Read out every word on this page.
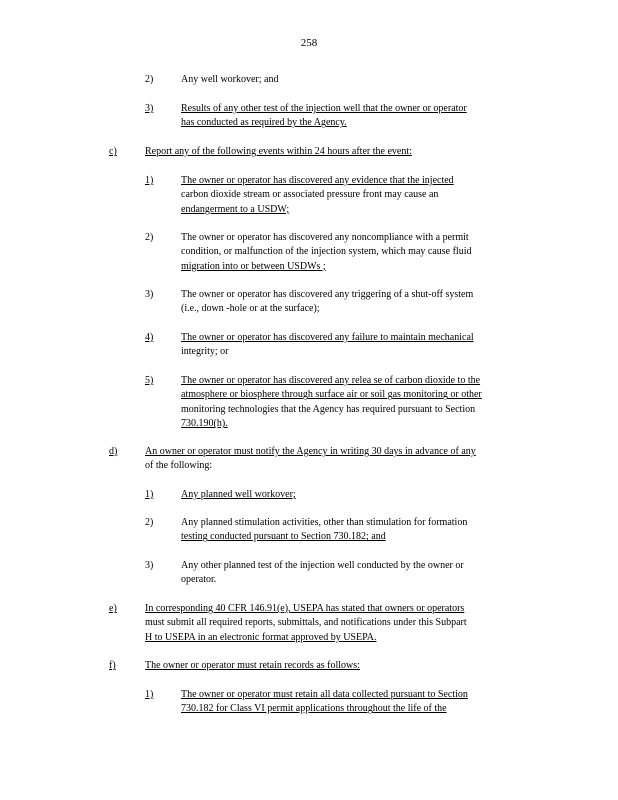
258
2)	Any well workover; and
3)	Results of any other test of the injection well that the owner or operator
has conducted as required by the Agency.
c)	Report any of the following events within 24 hours after the event:
1)	The owner or operator has discovered any evidence that the injected
carbon dioxide stream or associated pressure front may cause an
endangerment to a USDW;
2)	The owner or operator has discovered any noncompliance with a permit
condition, or malfunction of the injection system, which may cause fluid
migration into or between USDWs ;
3)	The owner or operator has discovered any triggering of a shut-off system
(i.e., down -hole or at the surface);
4)	The owner or operator has discovered any failure to maintain mechanical
integrity; or
5)	The owner or operator has discovered any relea se of carbon dioxide to the
atmosphere or biosphere through surface air or soil gas monitoring or other
monitoring technologies that the Agency has required pursuant to Section
730.190(h).
d)	An owner or operator must notify the Agency in writing 30 days in advance of any
of the following:
1)	Any planned well workover;
2)	Any planned stimulation activities, other than stimulation for formation
testing conducted pursuant to Section 730.182; and
3)	Any other planned test of the injection well conducted by the owner or
operator.
e)	In corresponding 40 CFR 146.91(e), USEPA has stated that owners or operators
must submit all required reports, submittals, and notifications under this Subpart
H to USEPA in an electronic format approved by USEPA.
f)	The owner or operator must retain records as follows:
1)	The owner or operator must retain all data collected pursuant to Section
730.182 for Class VI permit applications throughout the life of the
